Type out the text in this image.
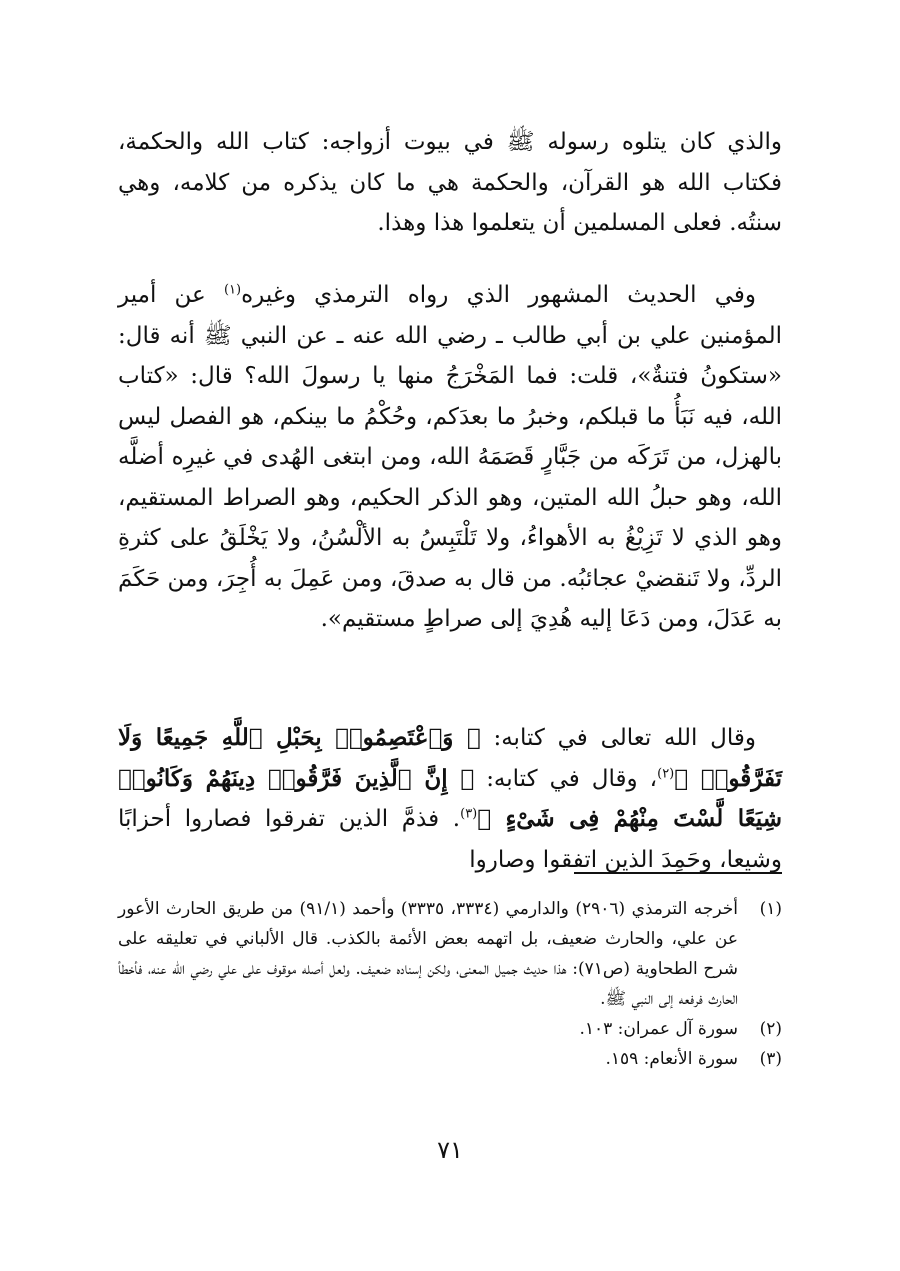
والذي كان يتلوه رسوله ﷺ في بيوت أزواجه: كتاب الله والحكمة، فكتاب الله هو القرآن، والحكمة هي ما كان يذكره من كلامه، وهي سنتُه. فعلى المسلمين أن يتعلموا هذا وهذا.

وفي الحديث المشهور الذي رواه الترمذي وغيره$^{(١)}$ عن أمير المؤمنين علي بن أبي طالب ـ رضي الله عنه ـ عن النبي ﷺ أنه قال: «ستكونُ فتنةٌ»، قلت: فما المَخْرَجُ منها يا رسولَ الله؟ قال: «كتاب الله، فيه نَبَأُ ما قبلكم، وخبرُ ما بعدَكم، وحُكْمُ ما بينكم، هو الفصل ليس بالهزل، من تَرَكَه من جَبَّارٍ قَصَمَهُ الله، ومن ابتغى الهُدى في غيرِه أضلَّه الله، وهو حبلُ الله المتين، وهو الذكر الحكيم، وهو الصراط المستقيم، وهو الذي لا تَزِيْغُ به الأهواءُ، ولا تَلْتَبِسُ به الألْسُنُ، ولا يَخْلَقُ على كثرةِ الردِّ، ولا تَنقضيْ عجائبُه. من قال به صدقَ، ومن عَمِلَ به أُجِرَ، ومن حَكَمَ به عَدَلَ، ومن دَعَا إليه هُدِيَ إلى صراطٍ مستقيم».

وقال الله تعالى في كتابه: ﴿ وَٱعْتَصِمُوا۟ بِحَبْلِ ٱللَّهِ جَمِيعًا وَلَا تَفَرَّقُوا۟ ﴾$^{(٢)}$، وقال في كتابه: ﴿ إِنَّ ٱلَّذِينَ فَرَّقُوا۟ دِينَهُمْ وَكَانُوا۟ شِيَعًا لَّسْتَ مِنْهُمْ فِى شَىْءٍ ﴾$^{(٣)}$. فذمَّ الذين تفرقوا فصاروا أحزابًا وشيعا، وحَمِدَ الذين اتفقوا وصاروا

(١)
أخرجه الترمذي (٢٩٠٦) والدارمي (٣٣٣٤، ٣٣٣٥) وأحمد (٩١/١) من طريق الحارث الأعور عن علي، والحارث ضعيف، بل اتهمه بعض الأئمة بالكذب. قال الألباني في تعليقه على شرح الطحاوية (ص٧١): هذا حديث جميل المعنى، ولكن إسناده ضعيف. ولعل أصله موقوف على علي رضي الله عنه، فأخطأ الحارث فرفعه إلى النبي ﷺ.
(٢)
سورة آل عمران: ١٠٣.
(٣)
سورة الأنعام: ١٥٩.
٧١
